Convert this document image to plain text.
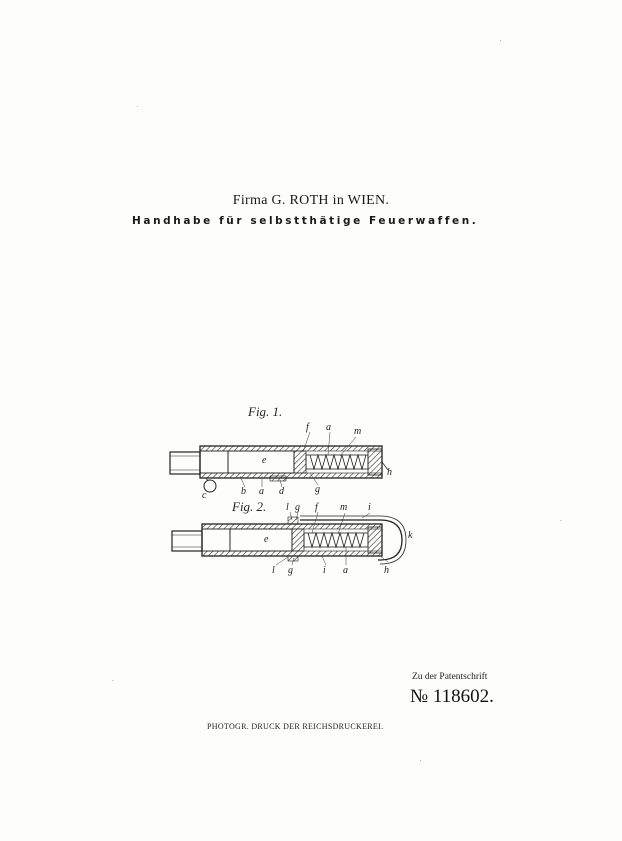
Firma G. ROTH in WIEN.
Handhabe für selbstthätige Feuerwaffen.
Fig. 1.
Fig. 2.
f a m
e
h
c	b a d	g
l g f m i
e	k
l g	i a	h
Zu der Patentschrift
№ 118602.
PHOTOGR. DRUCK DER REICHSDRUCKEREI.
